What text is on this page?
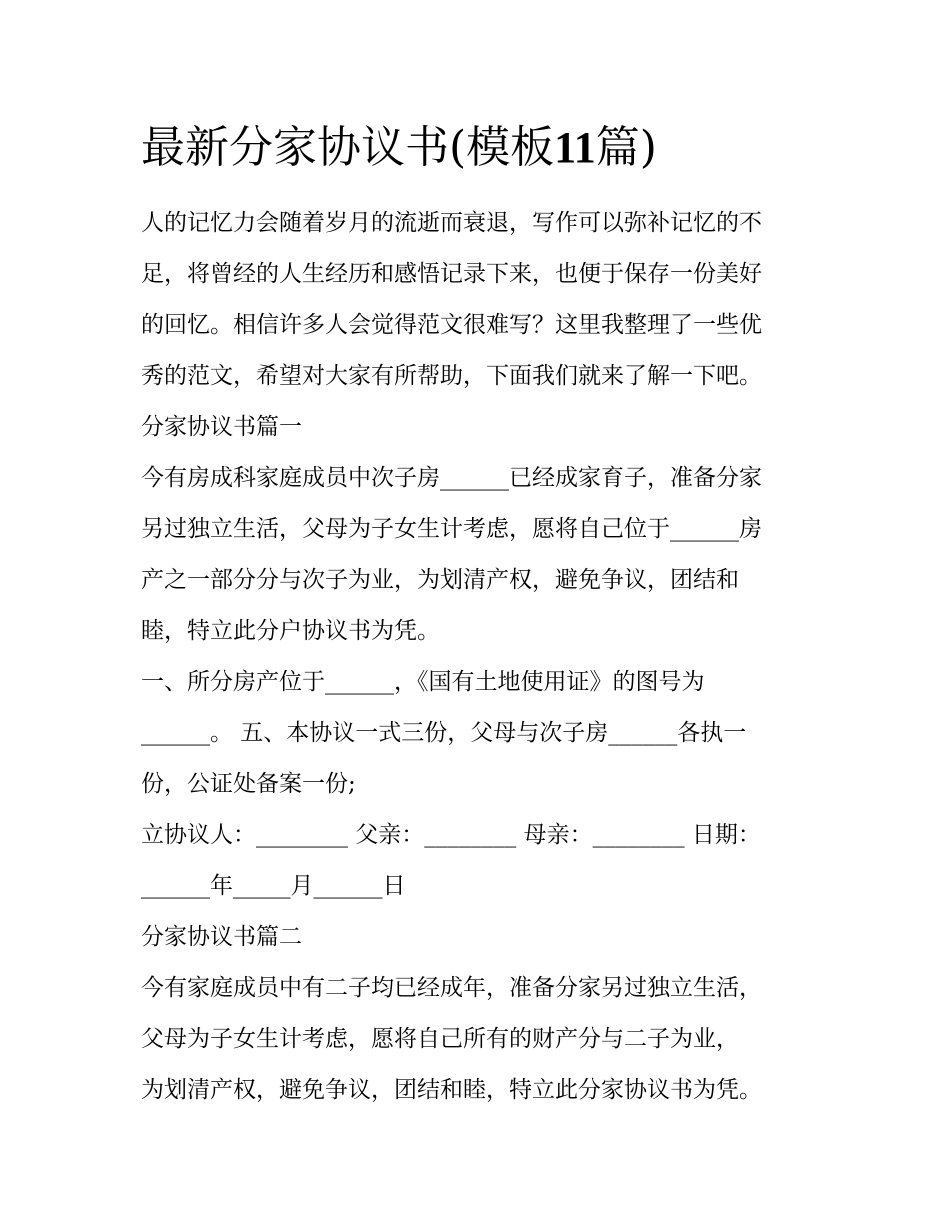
最新分家协议书(模板11篇)
人的记忆力会随着岁月的流逝而衰退，写作可以弥补记忆的不
足，将曾经的人生经历和感悟记录下来，也便于保存一份美好
的回忆。相信许多人会觉得范文很难写？这里我整理了一些优
秀的范文，希望对大家有所帮助，下面我们就来了解一下吧。
分家协议书篇一
今有房成科家庭成员中次子房______已经成家育子，准备分家
另过独立生活，父母为子女生计考虑，愿将自己位于______房
产之一部分分与次子为业，为划清产权，避免争议，团结和
睦，特立此分户协议书为凭。
一、所分房产位于______，《国有土地使用证》的图号为
______。 五、本协议一式三份，父母与次子房______各执一
份，公证处备案一份;
立协议人：________ 父亲：________ 母亲：________ 日期：
______年_____月______日
分家协议书篇二
今有家庭成员中有二子均已经成年，准备分家另过独立生活，
父母为子女生计考虑，愿将自己所有的财产分与二子为业，
为划清产权，避免争议，团结和睦，特立此分家协议书为凭。
